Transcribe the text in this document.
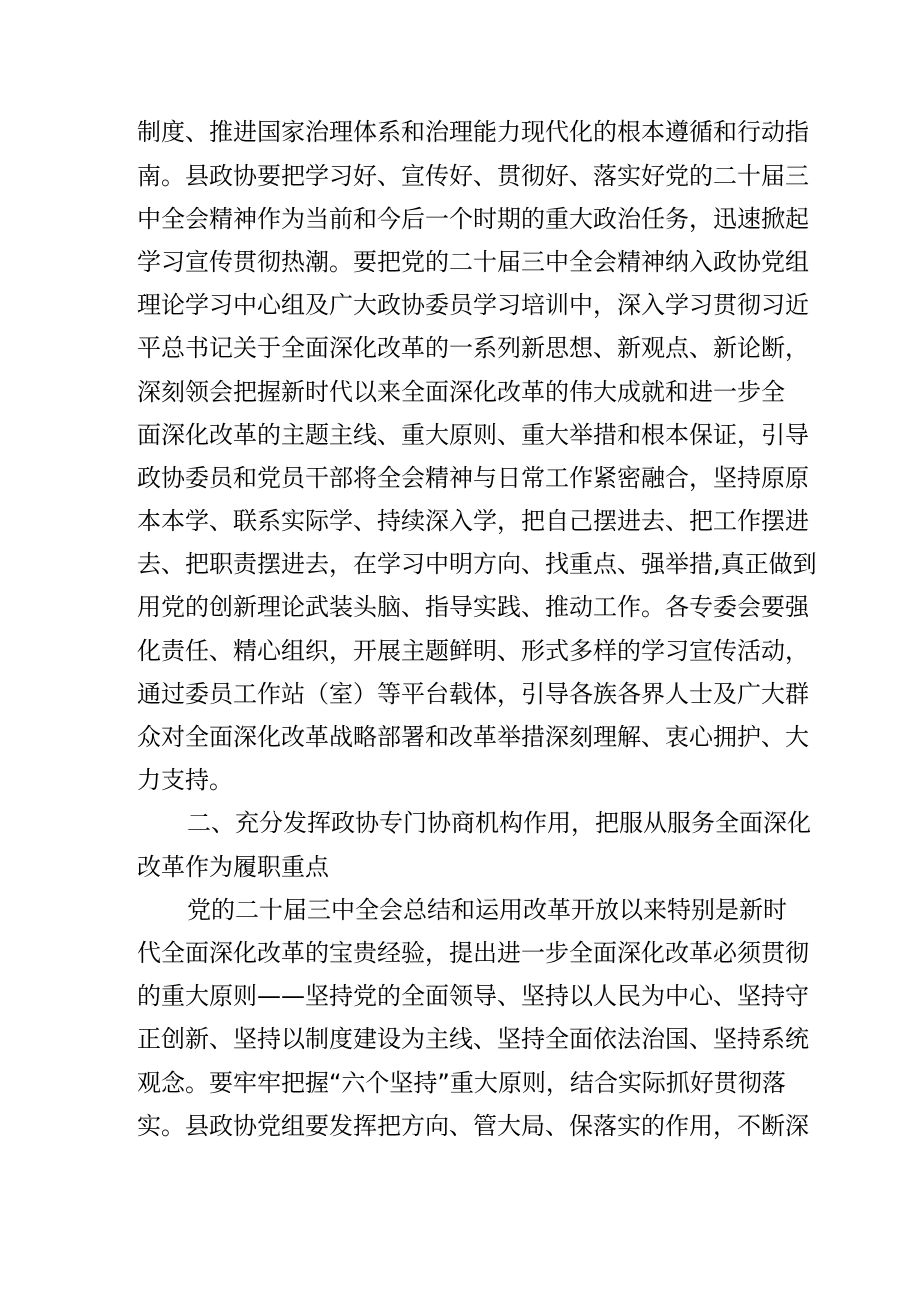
制度、推进国家治理体系和治理能力现代化的根本遵循和行动指
南。县政协要把学习好、宣传好、贯彻好、落实好党的二十届三
中全会精神作为当前和今后一个时期的重大政治任务，迅速掀起
学习宣传贯彻热潮。要把党的二十届三中全会精神纳入政协党组
理论学习中心组及广大政协委员学习培训中，深入学习贯彻习近
平总书记关于全面深化改革的一系列新思想、新观点、新论断，
深刻领会把握新时代以来全面深化改革的伟大成就和进一步全
面深化改革的主题主线、重大原则、重大举措和根本保证，引导
政协委员和党员干部将全会精神与日常工作紧密融合，坚持原原
本本学、联系实际学、持续深入学，把自己摆进去、把工作摆进
去、把职责摆进去，在学习中明方向、找重点、强举措,真正做到
用党的创新理论武装头脑、指导实践、推动工作。各专委会要强
化责任、精心组织，开展主题鲜明、形式多样的学习宣传活动，
通过委员工作站（室）等平台载体，引导各族各界人士及广大群
众对全面深化改革战略部署和改革举措深刻理解、衷心拥护、大
力支持。
二、充分发挥政协专门协商机构作用，把服从服务全面深化
改革作为履职重点
党的二十届三中全会总结和运用改革开放以来特别是新时
代全面深化改革的宝贵经验，提出进一步全面深化改革必须贯彻
的重大原则——坚持党的全面领导、坚持以人民为中心、坚持守
正创新、坚持以制度建设为主线、坚持全面依法治国、坚持系统
观念。要牢牢把握“六个坚持”重大原则，结合实际抓好贯彻落
实。县政协党组要发挥把方向、管大局、保落实的作用，不断深
